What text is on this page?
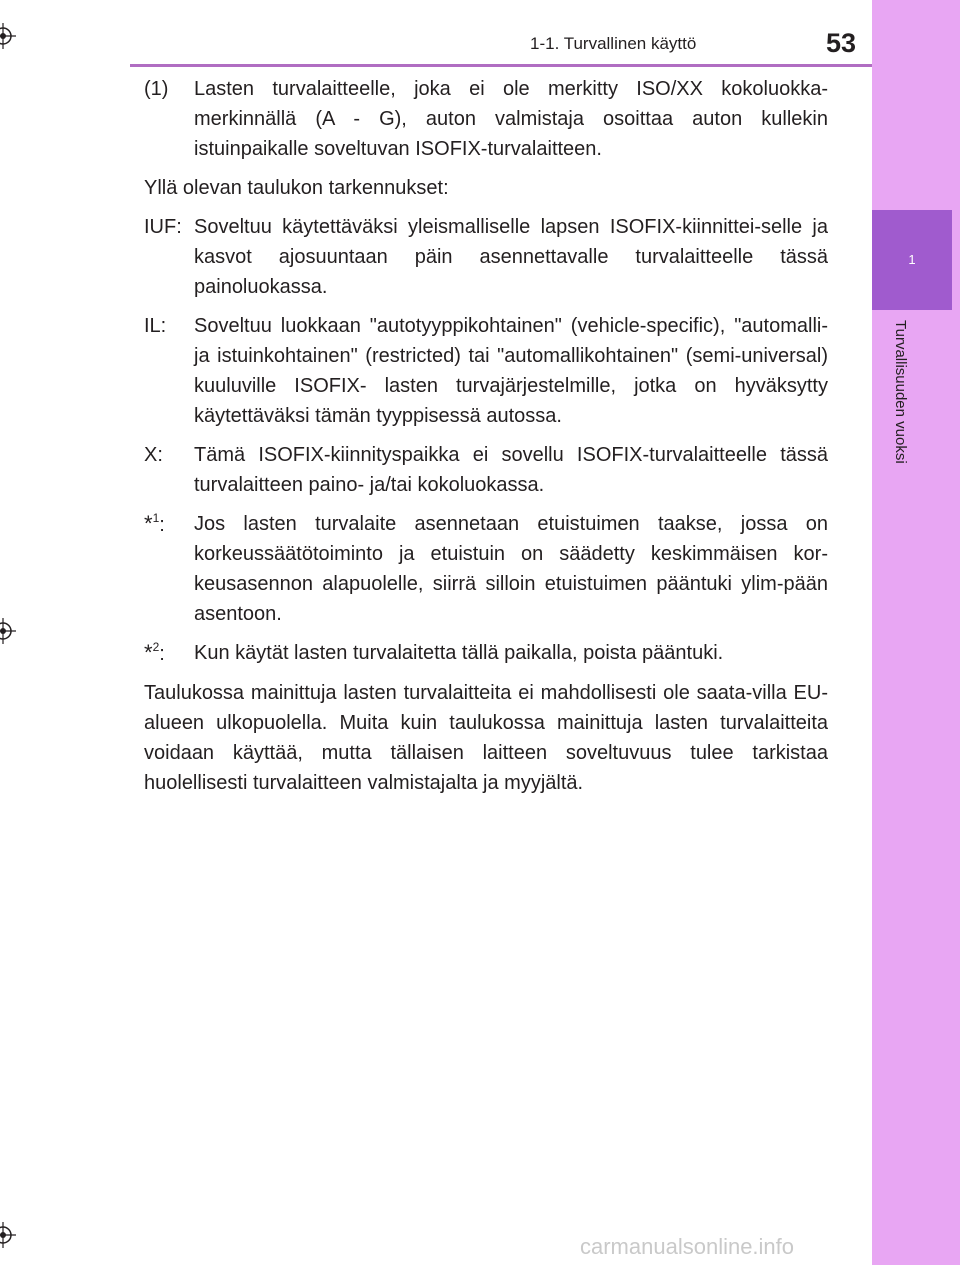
1
Turvallisuuden vuoksi
1-1. Turvallinen käyttö	53
(1)	Lasten turvalaitteelle, joka ei ole merkitty ISO/XX kokoluokka-merkinnällä (A - G), auton valmistaja osoittaa auton kullekin istuinpaikalle soveltuvan ISOFIX-turvalaitteen.

Yllä olevan taulukon tarkennukset:

IUF: Soveltuu käytettäväksi yleismalliselle lapsen ISOFIX-kiinnittei-selle ja kasvot ajosuuntaan päin asennettavalle turvalaitteelle tässä painoluokassa.
IL:	Soveltuu luokkaan "autotyyppikohtainen" (vehicle-specific), "automalli- ja istuinkohtainen" (restricted) tai "automallikohtainen" (semi-universal) kuuluville ISOFIX- lasten turvajärjestelmille, jotka on hyväksytty käytettäväksi tämän tyyppisessä autossa.
X:	Tämä ISOFIX-kiinnityspaikka ei sovellu ISOFIX-turvalaitteelle tässä turvalaitteen paino- ja/tai kokoluokassa.
*$^1$:	Jos lasten turvalaite asennetaan etuistuimen taakse, jossa on korkeussäätötoiminto ja etuistuin on säädetty keskimmäisen kor-keusasennon alapuolelle, siirrä silloin etuistuimen pääntuki ylim-pään asentoon.
*$^2$:	Kun käytät lasten turvalaitetta tällä paikalla, poista pääntuki.

Taulukossa mainittuja lasten turvalaitteita ei mahdollisesti ole saata-villa EU-alueen ulkopuolella. Muita kuin taulukossa mainittuja lasten turvalaitteita voidaan käyttää, mutta tällaisen laitteen soveltuvuus tulee tarkistaa huolellisesti turvalaitteen valmistajalta ja myyjältä.

carmanualsonline.info
